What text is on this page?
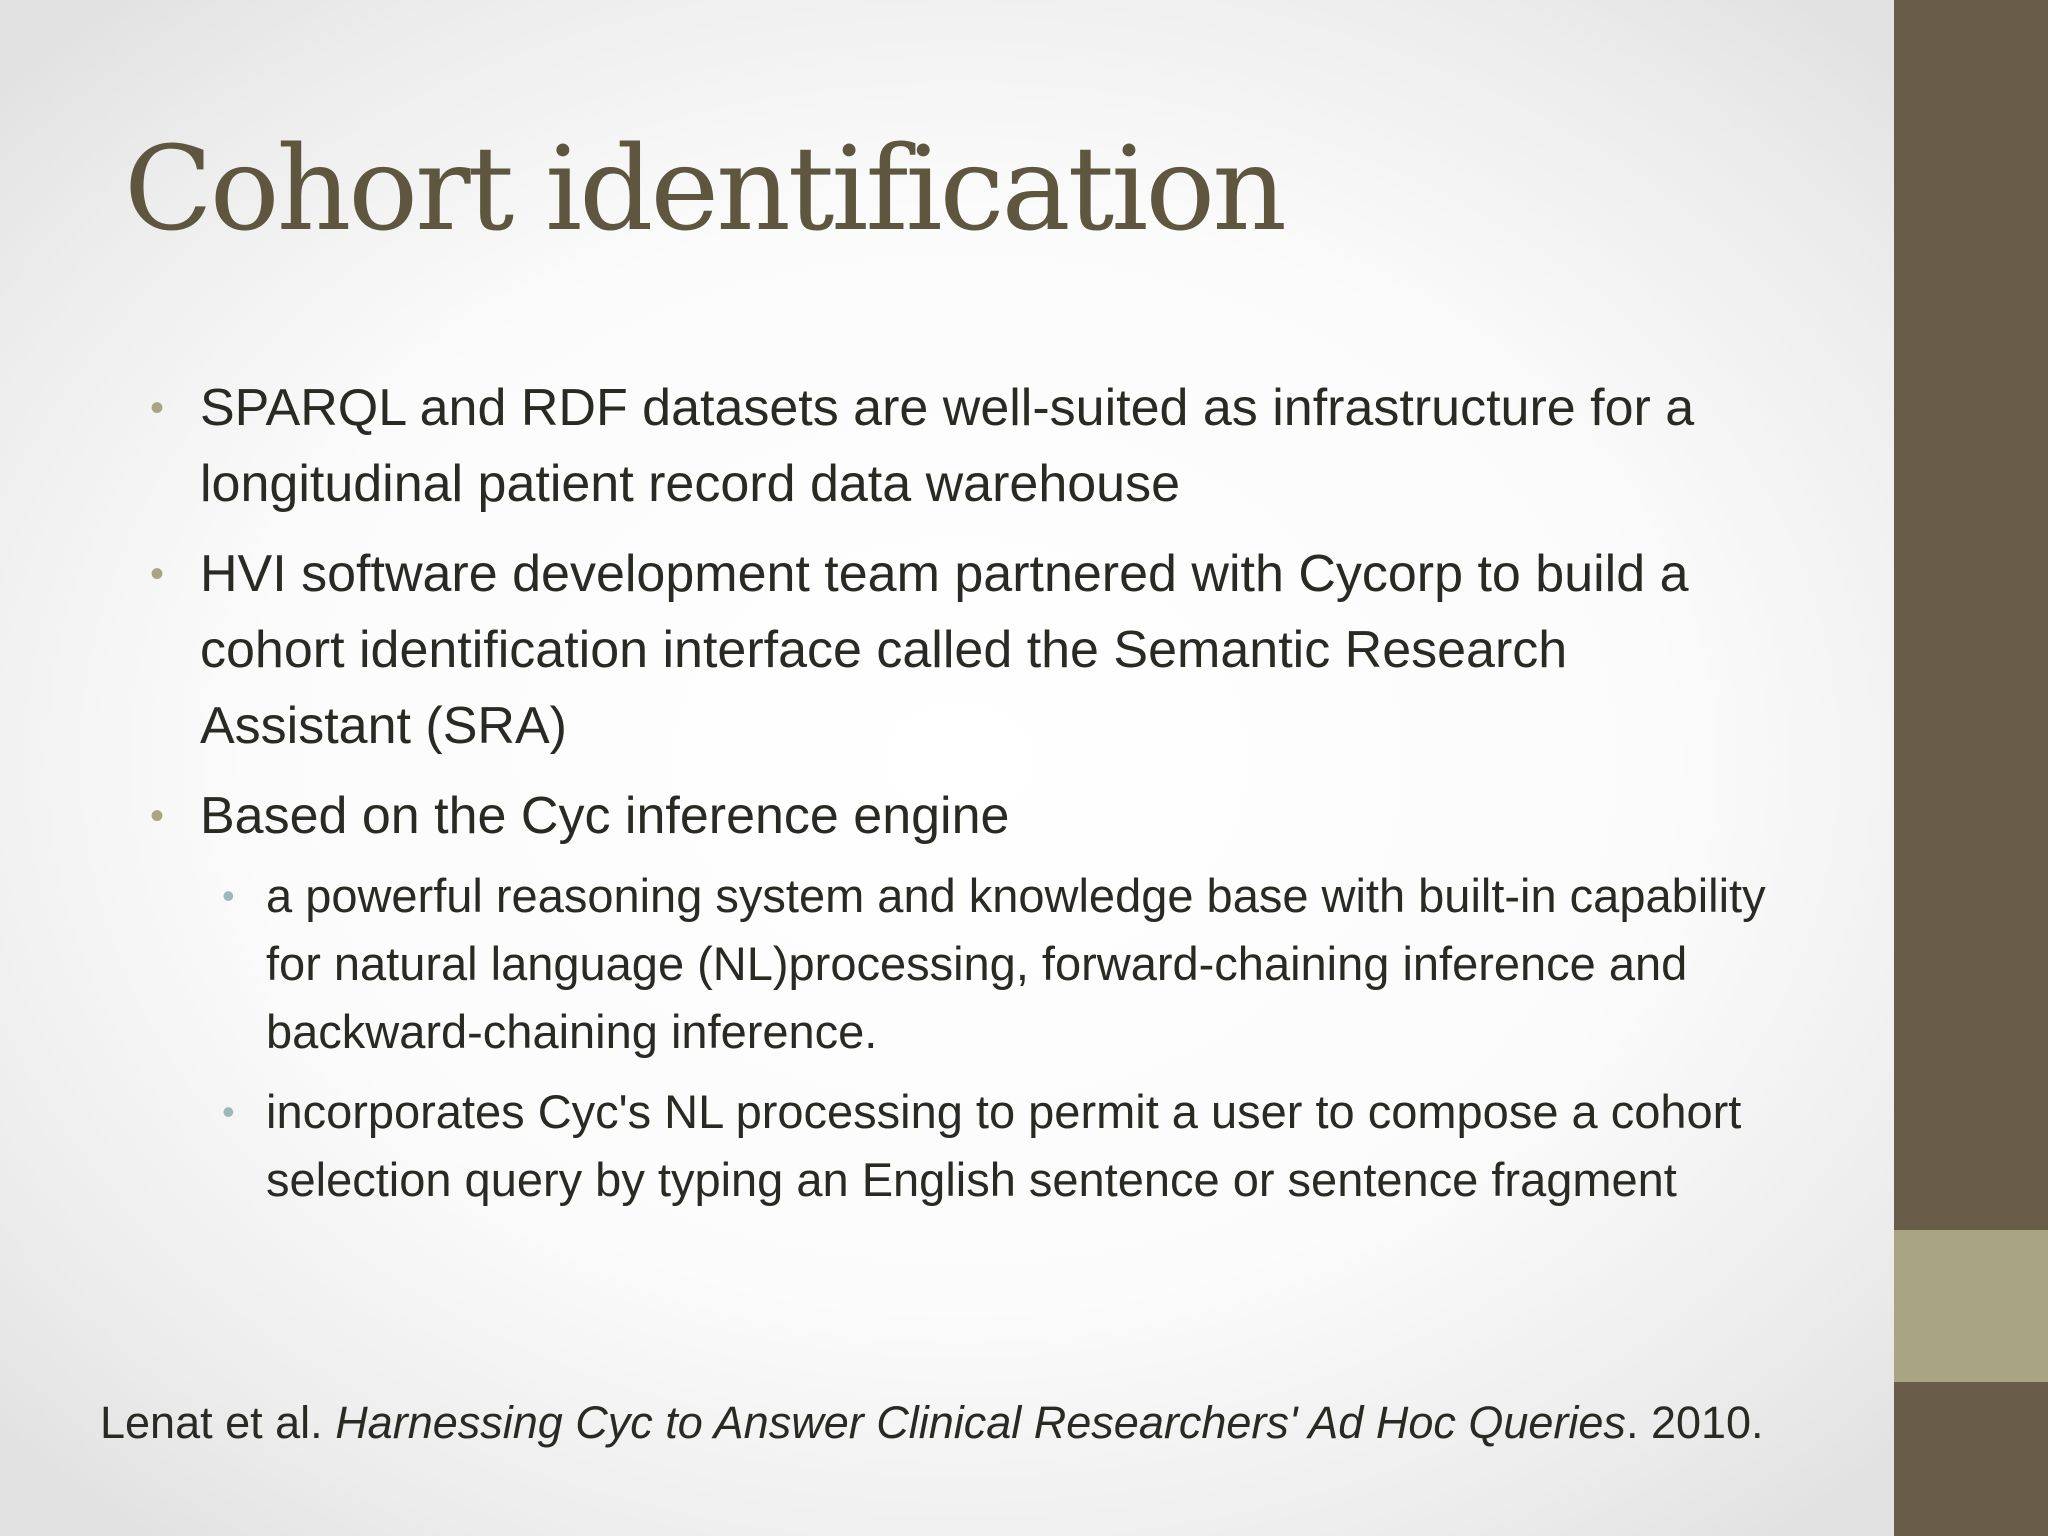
Cohort identification
• SPARQL and RDF datasets are well-suited as infrastructure for a longitudinal patient record data warehouse
• HVI software development team partnered with Cycorp to build a cohort identification interface called the Semantic Research Assistant (SRA)
• Based on the Cyc inference engine
• a powerful reasoning system and knowledge base with built-in capability for natural language (NL)processing, forward-chaining inference and backward-chaining inference.
• incorporates Cyc's NL processing to permit a user to compose a cohort selection query by typing an English sentence or sentence fragment
Lenat et al. Harnessing Cyc to Answer Clinical Researchers' Ad Hoc Queries. 2010.
